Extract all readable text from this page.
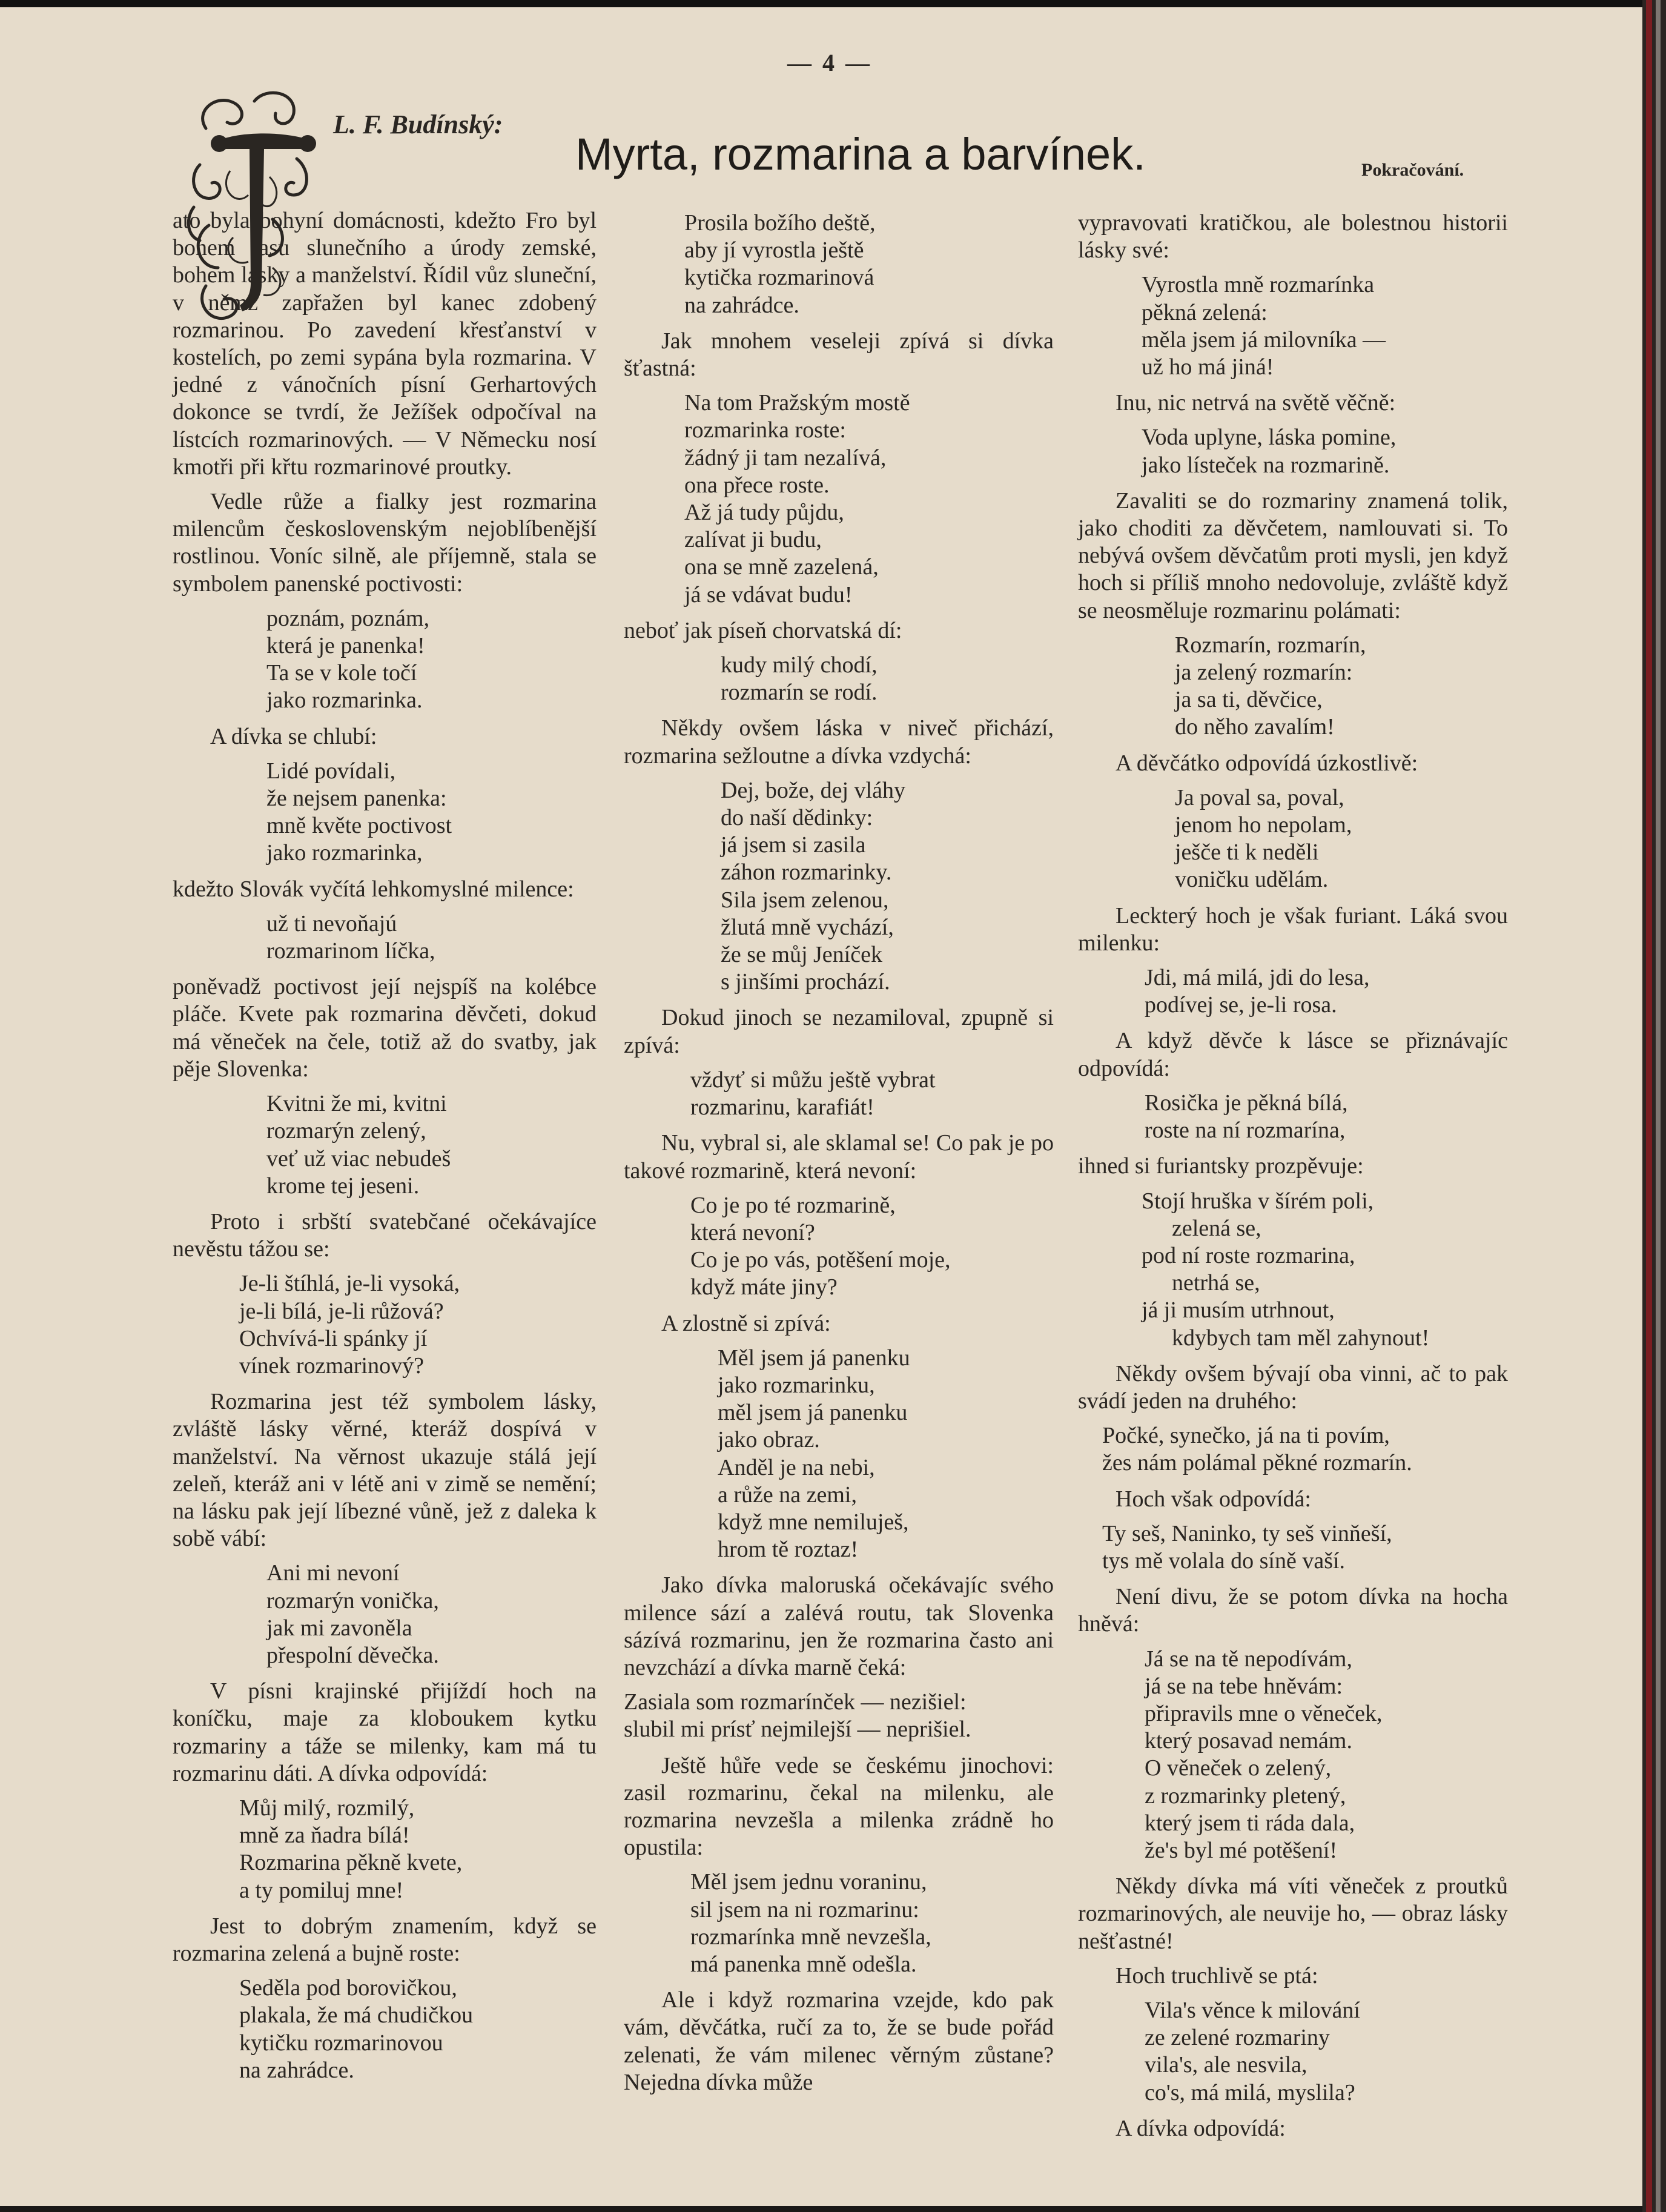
— 4 —
L. F. Budínský:
Myrta, rozmarina a barvínek.	Pokračování.
T
ato byla bohyní domácnosti, kdežto Fro byl bohem jasu slunečního a úrody zemské, bohem lásky a manželství. Řídil vůz sluneční, v němž zapřažen byl kanec zdobený rozmarinou. Po zavedení křesťanství v kostelích, po zemi sypána byla rozmarina. V jedné z vánočních písní Gerhartových dokonce se tvrdí, že Ježíšek odpočíval na lístcích rozmarinových. — V Německu nosí kmotři při křtu rozmarinové proutky.
Vedle růže a fialky jest rozmarina milencům československým nejoblíbenější rostlinou. Voníc silně, ale příjemně, stala se symbolem panenské poctivosti:
poznám, poznám,
která je panenka!
Ta se v kole točí
jako rozmarinka.
A dívka se chlubí:
Lidé povídali,
že nejsem panenka:
mně květe poctivost
jako rozmarinka,
kdežto Slovák vyčítá lehkomyslné milence:
už ti nevoňajú
rozmarinom líčka,
poněvadž poctivost její nejspíš na kolébce pláče. Kvete pak rozmarina děvčeti, dokud má věneček na čele, totiž až do svatby, jak pěje Slovenka:
Kvitni že mi, kvitni
rozmarýn zelený,
veť už viac nebudeš
krome tej jeseni.
Proto i srbští svatebčané očekávajíce nevěstu tážou se:
Je-li štíhlá, je-li vysoká,
je-li bílá, je-li růžová?
Ochvívá-li spánky jí
vínek rozmarinový?
Rozmarina jest též symbolem lásky, zvláště lásky věrné, kteráž dospívá v manželství. Na věrnost ukazuje stálá její zeleň, kteráž ani v létě ani v zimě se nemění; na lásku pak její líbezné vůně, jež z daleka k sobě vábí:
Ani mi nevoní
rozmarýn vonička,
jak mi zavoněla
přespolní děvečka.
V písni krajinské přijíždí hoch na koníčku, maje za kloboukem kytku rozmariny a táže se milenky, kam má tu rozmarinu dáti. A dívka odpovídá:
Můj milý, rozmilý,
mně za ňadra bílá!
Rozmarina pěkně kvete,
a ty pomiluj mne!
Jest to dobrým znamením, když se rozmarina zelená a bujně roste:
Seděla pod borovičkou,
plakala, že má chudičkou
kytičku rozmarinovou
na zahrádce.
Prosila božího deště,
aby jí vyrostla ještě
kytička rozmarinová
na zahrádce.
Jak mnohem veseleji zpívá si dívka šťastná:
Na tom Pražským mostě
rozmarinka roste:
žádný ji tam nezalívá,
ona přece roste.
Až já tudy půjdu,
zalívat ji budu,
ona se mně zazelená,
já se vdávat budu!
neboť jak píseň chorvatská dí:
kudy milý chodí,
rozmarín se rodí.
Někdy ovšem láska v niveč přichází, rozmarina sežloutne a dívka vzdychá:
Dej, bože, dej vláhy
do naší dědinky:
já jsem si zasila
záhon rozmarinky.
Sila jsem zelenou,
žlutá mně vychází,
že se můj Jeníček
s jinšími prochází.
Dokud jinoch se nezamiloval, zpupně si zpívá:
vždyť si můžu ještě vybrat
rozmarinu, karafiát!
Nu, vybral si, ale sklamal se! Co pak je po takové rozmarině, která nevoní:
Co je po té rozmarině,
která nevoní?
Co je po vás, potěšení moje,
když máte jiny?
A zlostně si zpívá:
Měl jsem já panenku
jako rozmarinku,
měl jsem já panenku
jako obraz.
Anděl je na nebi,
a růže na zemi,
když mne nemiluješ,
hrom tě roztaz!
Jako dívka maloruská očekávajíc svého milence sází a zalévá routu, tak Slovenka sázívá rozmarinu, jen že rozmarina často ani nevzchází a dívka marně čeká:
Zasiala som rozmarínček — nezišiel:
slubil mi prísť nejmilejší — neprišiel.
Ještě hůře vede se českému jinochovi: zasil rozmarinu, čekal na milenku, ale rozmarina nevzešla a milenka zrádně ho opustila:
Měl jsem jednu voraninu,
sil jsem na ni rozmarinu:
rozmarínka mně nevzešla,
má panenka mně odešla.
Ale i když rozmarina vzejde, kdo pak vám, děvčátka, ručí za to, že se bude pořád zelenati, že vám milenec věrným zůstane? Nejedna dívka může
vypravovati kratičkou, ale bolestnou historii lásky své:
Vyrostla mně rozmarínka
pěkná zelená:
měla jsem já milovníka —
už ho má jiná!
Inu, nic netrvá na světě věčně:
Voda uplyne, láska pomine,
jako lísteček na rozmarině.
Zavaliti se do rozmariny znamená tolik, jako choditi za děvčetem, namlouvati si. To nebývá ovšem děvčatům proti mysli, jen když hoch si příliš mnoho nedovoluje, zvláště když se neosměluje rozmarinu polámati:
Rozmarín, rozmarín,
ja zelený rozmarín:
ja sa ti, děvčice,
do něho zavalím!
A děvčátko odpovídá úzkostlivě:
Ja poval sa, poval,
jenom ho nepolam,
ješče ti k neděli
voničku udělám.
Leckterý hoch je však furiant. Láká svou milenku:
Jdi, má milá, jdi do lesa,
podívej se, je-li rosa.
A když děvče k lásce se přiznávajíc odpovídá:
Rosička je pěkná bílá,
roste na ní rozmarína,
ihned si furiantsky prozpěvuje:
Stojí hruška v šírém poli,
zelená se,
pod ní roste rozmarina,
netrhá se,
já ji musím utrhnout,
kdybych tam měl zahynout!
Někdy ovšem bývají oba vinni, ač to pak svádí jeden na druhého:
Počké, synečko, já na ti povím,
žes nám polámal pěkné rozmarín.
Hoch však odpovídá:
Ty seš, Naninko, ty seš vinňeší,
tys mě volala do síně vaší.
Není divu, že se potom dívka na hocha hněvá:
Já se na tě nepodívám,
já se na tebe hněvám:
připravils mne o věneček,
který posavad nemám.
O věneček o zelený,
z rozmarinky pletený,
který jsem ti ráda dala,
že's byl mé potěšení!
Někdy dívka má víti věneček z proutků rozmarinových, ale neuvije ho, — obraz lásky nešťastné!
Hoch truchlivě se ptá:
Vila's věnce k milování
ze zelené rozmariny
vila's, ale nesvila,
co's, má milá, myslila?
A dívka odpovídá:
